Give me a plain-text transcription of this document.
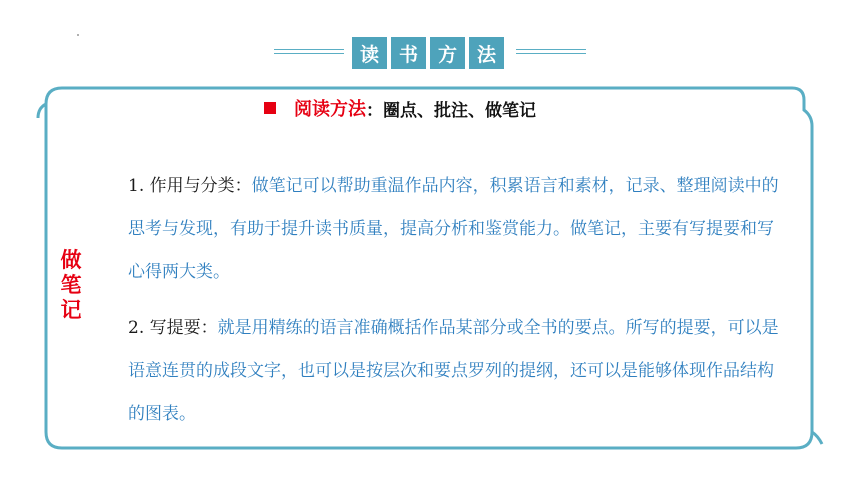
读	书	方	法
阅读方法 ：圈点、批注、做笔记
做
笔
记
1. 作用与分类：做笔记可以帮助重温作品内容，积累语言和素材，记录、整理阅读中的思考与发现，有助于提升读书质量，提高分析和鉴赏能力。做笔记，主要有写提要和写心得两大类。
2. 写提要：就是用精练的语言准确概括作品某部分或全书的要点。所写的提要，可以是语意连贯的成段文字，也可以是按层次和要点罗列的提纲，还可以是能够体现作品结构的图表。
